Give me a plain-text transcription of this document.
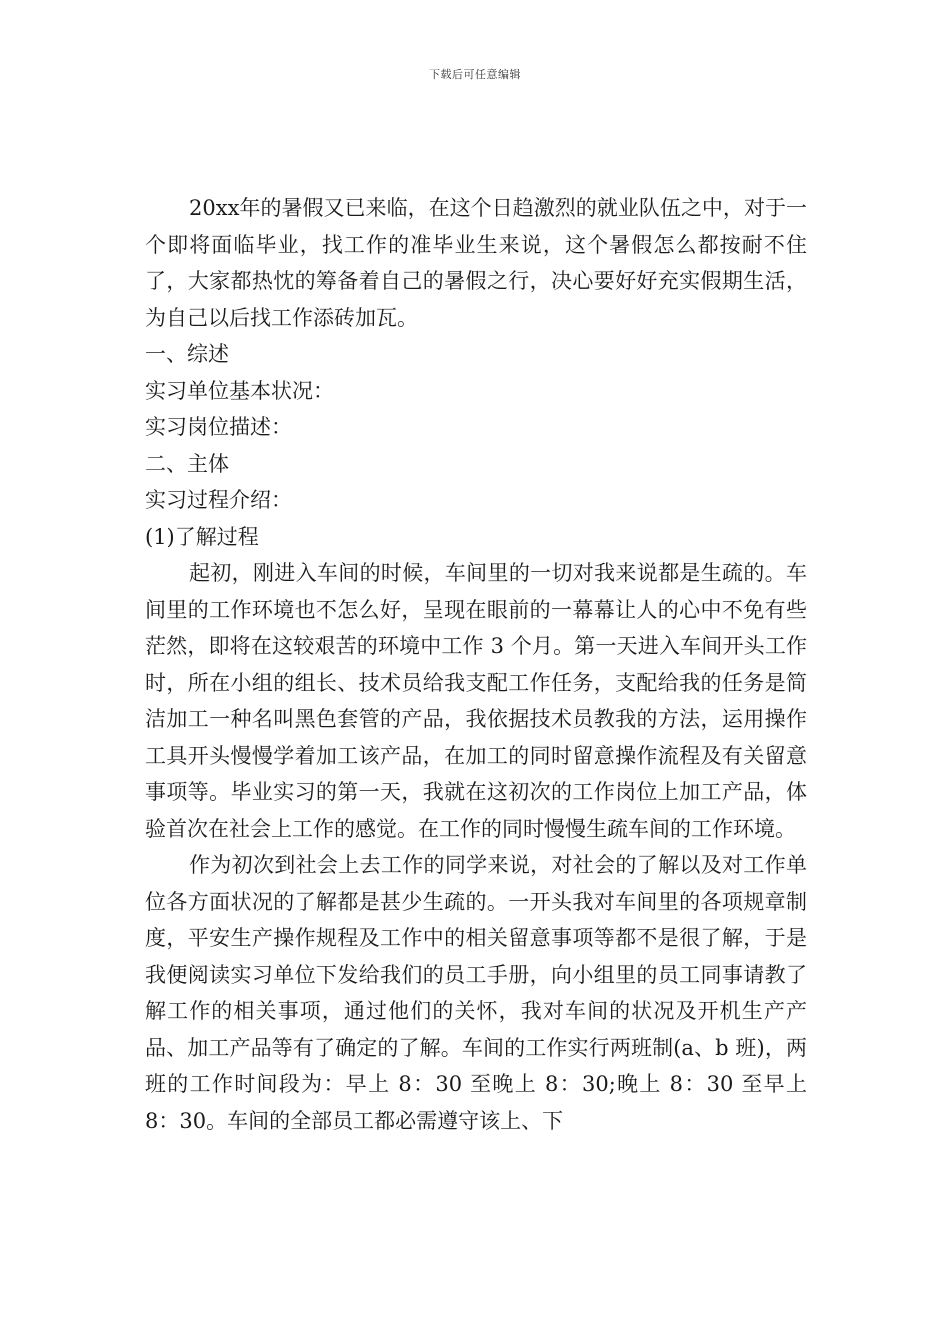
下载后可任意编辑

20xx年的暑假又已来临，在这个日趋激烈的就业队伍之中，对于一个即将面临毕业，找工作的准毕业生来说，这个暑假怎么都按耐不住了，大家都热忱的筹备着自己的暑假之行，决心要好好充实假期生活，为自己以后找工作添砖加瓦。

一、综述

实习单位基本状况：

实习岗位描述：

二、主体

实习过程介绍：

(1)了解过程

起初，刚进入车间的时候，车间里的一切对我来说都是生疏的。车间里的工作环境也不怎么好，呈现在眼前的一幕幕让人的心中不免有些茫然，即将在这较艰苦的环境中工作 3 个月。第一天进入车间开头工作时，所在小组的组长、技术员给我支配工作任务，支配给我的任务是简洁加工一种名叫黑色套管的产品，我依据技术员教我的方法，运用操作工具开头慢慢学着加工该产品，在加工的同时留意操作流程及有关留意事项等。毕业实习的第一天，我就在这初次的工作岗位上加工产品，体验首次在社会上工作的感觉。在工作的同时慢慢生疏车间的工作环境。

作为初次到社会上去工作的同学来说，对社会的了解以及对工作单位各方面状况的了解都是甚少生疏的。一开头我对车间里的各项规章制度，平安生产操作规程及工作中的相关留意事项等都不是很了解，于是我便阅读实习单位下发给我们的员工手册，向小组里的员工同事请教了解工作的相关事项，通过他们的关怀，我对车间的状况及开机生产产品、加工产品等有了确定的了解。车间的工作实行两班制(a、b 班)，两班的工作时间段为：早上 8：30 至晚上 8：30;晚上 8：30 至早上 8：30。车间的全部员工都必需遵守该上、下
